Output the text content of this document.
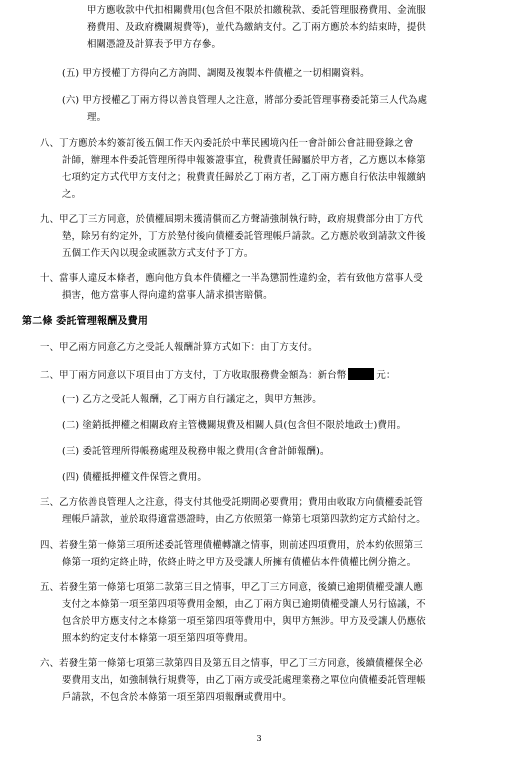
甲方應收款中代扣相關費用(包含但不限於扣繳稅款、委託管理服務費用、金流服
務費用、及政府機關規費等)，並代為繳納支付。乙丁兩方應於本約結束時，提供
相關憑證及計算表予甲方存參。
(五) 甲方授權丁方得向乙方詢問、調閱及複製本件債權之一切相關資料。
(六) 甲方授權乙丁兩方得以善良管理人之注意，將部分委託管理事務委託第三人代為處
理。
八、丁方應於本約簽訂後五個工作天內委託於中華民國境內任一會計師公會註冊登錄之會
計師，辦理本件委託管理所得申報簽證事宜，稅費責任歸屬於甲方者，乙方應以本條第
七項約定方式代甲方支付之；稅費責任歸於乙丁兩方者，乙丁兩方應自行依法申報繳納
之。
九、甲乙丁三方同意，於債權屆期未獲清償而乙方聲請強制執行時，政府規費部分由丁方代
墊，除另有約定外，丁方於墊付後向債權委託管理帳戶請款。乙方應於收到請款文件後
五個工作天內以現金或匯款方式支付予丁方。
十、當事人違反本條者，應向他方負本件債權之一半為懲罰性違約金，若有致他方當事人受
損害，他方當事人得向違約當事人請求損害賠償。
第二條 委託管理報酬及費用
一、甲乙兩方同意乙方之受託人報酬計算方式如下：由丁方支付。
二、甲丁兩方同意以下項目由丁方支付，丁方收取服務費金額為：新台幣	元：
(一) 乙方之受託人報酬，乙丁兩方自行議定之，與甲方無涉。
(二) 塗銷抵押權之相關政府主管機關規費及相關人員(包含但不限於地政士)費用。
(三) 委託管理所得帳務處理及稅務申報之費用(含會計師報酬)。
(四) 債權抵押權文件保管之費用。
三、乙方依善良管理人之注意，得支付其他受託期間必要費用；費用由收取方向債權委託管
理帳戶請款，並於取得適當憑證時，由乙方依照第一條第七項第四款約定方式給付之。
四、若發生第一條第三項所述委託管理債權轉讓之情事，則前述四項費用，於本約依照第三
條第一項約定終止時，依終止時之甲方及受讓人所擁有債權佔本件債權比例分擔之。
五、若發生第一條第七項第二款第三目之情事，甲乙丁三方同意，後續已逾期債權受讓人應
支付之本條第一項至第四項等費用金額，由乙丁兩方與已逾期債權受讓人另行協議，不
包含於甲方應支付之本條第一項至第四項等費用中，與甲方無涉。甲方及受讓人仍應依
照本約約定支付本條第一項至第四項等費用。
六、若發生第一條第七項第三款第四目及第五目之情事，甲乙丁三方同意，後續債權保全必
要費用支出，如強制執行規費等，由乙丁兩方或受託處理業務之單位向債權委託管理帳
戶請款，不包含於本條第一項至第四項報酬或費用中。
3
